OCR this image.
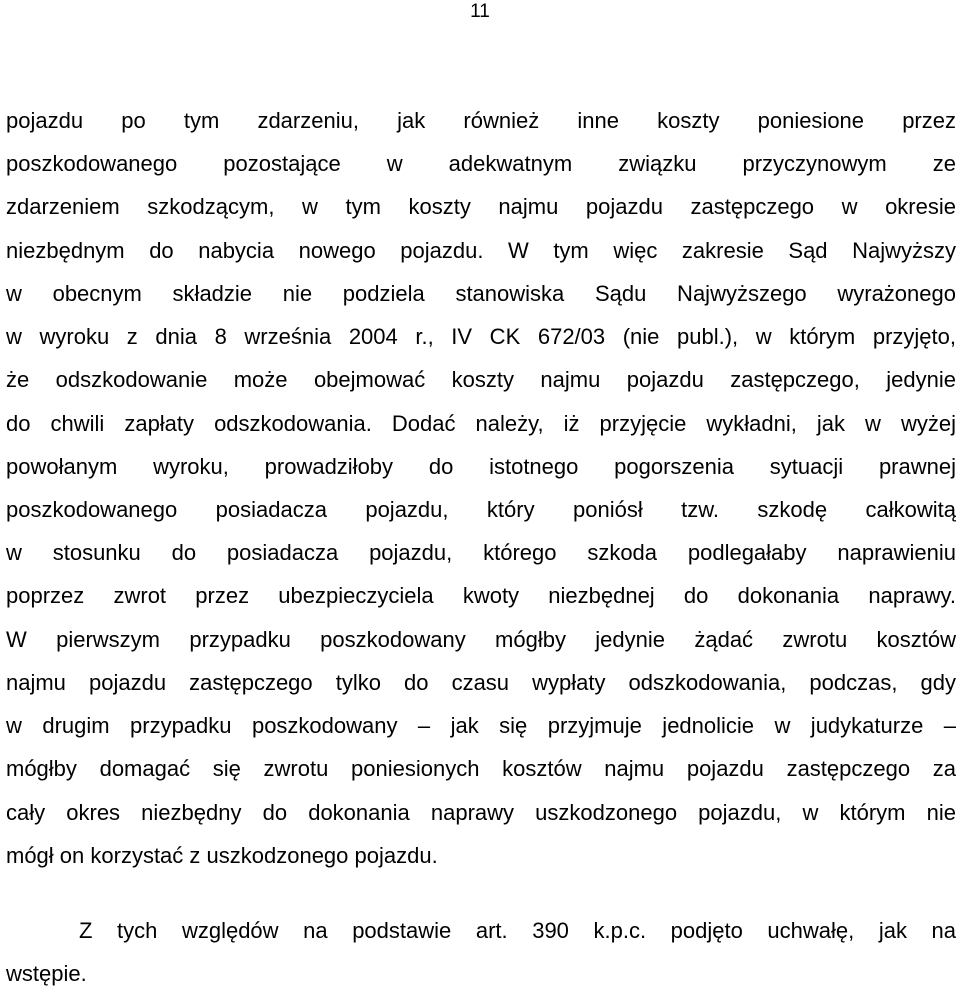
11
pojazdu po tym zdarzeniu, jak również inne koszty poniesione przez
poszkodowanego pozostające w adekwatnym związku przyczynowym ze
zdarzeniem szkodzącym, w tym koszty najmu pojazdu zastępczego w okresie
niezbędnym do nabycia nowego pojazdu. W tym więc zakresie Sąd Najwyższy
w obecnym składzie nie podziela stanowiska Sądu Najwyższego wyrażonego
w wyroku z dnia 8 września 2004 r., IV CK 672/03 (nie publ.), w którym przyjęto,
że odszkodowanie może obejmować koszty najmu pojazdu zastępczego, jedynie
do chwili zapłaty odszkodowania. Dodać należy, iż przyjęcie wykładni, jak w wyżej
powołanym wyroku, prowadziłoby do istotnego pogorszenia sytuacji prawnej
poszkodowanego posiadacza pojazdu, który poniósł tzw. szkodę całkowitą
w stosunku do posiadacza pojazdu, którego szkoda podlegałaby naprawieniu
poprzez zwrot przez ubezpieczyciela kwoty niezbędnej do dokonania naprawy.
W pierwszym przypadku poszkodowany mógłby jedynie żądać zwrotu kosztów
najmu pojazdu zastępczego tylko do czasu wypłaty odszkodowania, podczas, gdy
w drugim przypadku poszkodowany – jak się przyjmuje jednolicie w judykaturze –
mógłby domagać się zwrotu poniesionych kosztów najmu pojazdu zastępczego za
cały okres niezbędny do dokonania naprawy uszkodzonego pojazdu, w którym nie
mógł on korzystać z uszkodzonego pojazdu.
Z tych względów na podstawie art. 390 k.p.c. podjęto uchwałę, jak na
wstępie.
